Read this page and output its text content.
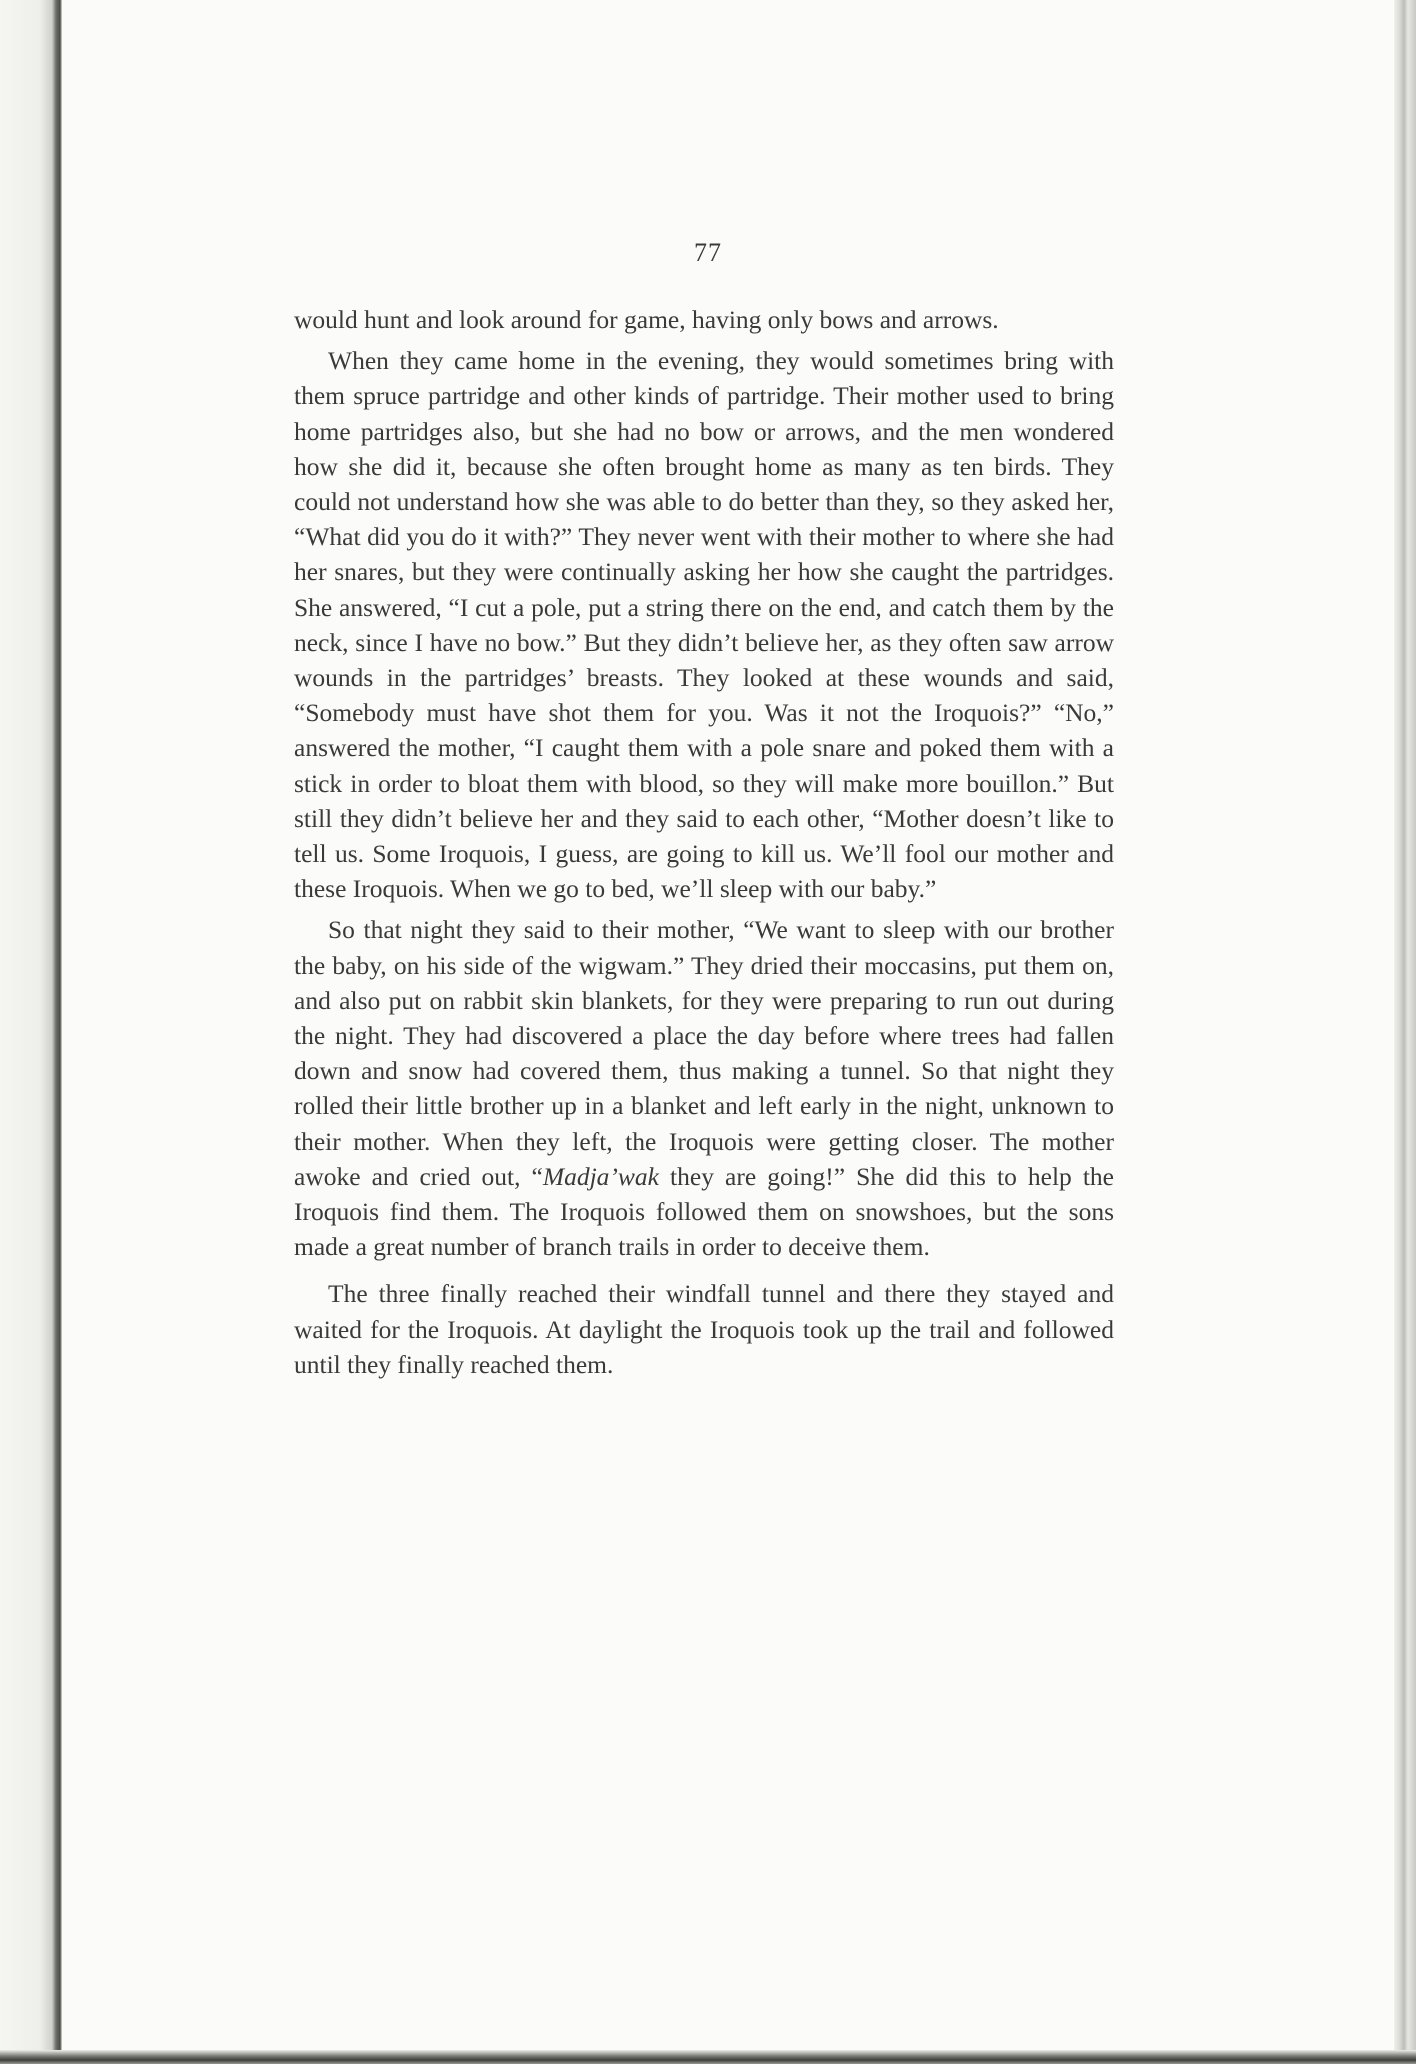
77

would hunt and look around for game, having only bows and arrows.

When they came home in the evening, they would sometimes bring with them spruce partridge and other kinds of partridge. Their mother used to bring home partridges also, but she had no bow or arrows, and the men wondered how she did it, because she often brought home as many as ten birds. They could not understand how she was able to do better than they, so they asked her, “What did you do it with?” They never went with their mother to where she had her snares, but they were continually asking her how she caught the partridges. She answered, “I cut a pole, put a string there on the end, and catch them by the neck, since I have no bow.” But they didn’t believe her, as they often saw arrow wounds in the partridges’ breasts. They looked at these wounds and said, “Somebody must have shot them for you. Was it not the Iroquois?” “No,” answered the mother, “I caught them with a pole snare and poked them with a stick in order to bloat them with blood, so they will make more bouillon.” But still they didn’t believe her and they said to each other, “Mother doesn’t like to tell us. Some Iroquois, I guess, are going to kill us. We’ll fool our mother and these Iroquois. When we go to bed, we’ll sleep with our baby.”

So that night they said to their mother, “We want to sleep with our brother the baby, on his side of the wigwam.” They dried their moccasins, put them on, and also put on rabbit skin blankets, for they were preparing to run out during the night. They had discovered a place the day before where trees had fallen down and snow had covered them, thus making a tunnel. So that night they rolled their little brother up in a blanket and left early in the night, unknown to their mother. When they left, the Iroquois were getting closer. The mother awoke and cried out, “Madja’wak they are going!” She did this to help the Iroquois find them. The Iroquois followed them on snowshoes, but the sons made a great number of branch trails in order to deceive them.

The three finally reached their windfall tunnel and there they stayed and waited for the Iroquois. At daylight the Iroquois took up the trail and followed until they finally reached them.
